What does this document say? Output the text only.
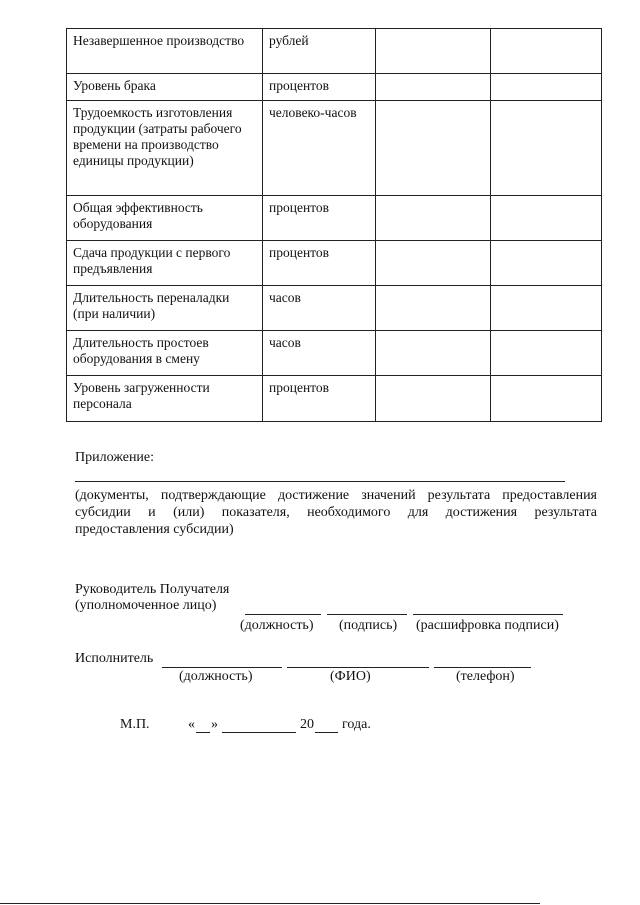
Незавершенное производство	рублей		
Уровень брака	процентов		
Трудоемкость изготовления продукции (затраты рабочего времени на производство единицы продукции)	человеко-часов		
Общая эффективность оборудования	процентов		
Сдача продукции с первого предъявления	процентов		
Длительность переналадки (при наличии)	часов		
Длительность простоев оборудования в смену	часов		
Уровень загруженности персонала	процентов		
Приложение:
(документы, подтверждающие достижение значений результата предоставления субсидии и (или) показателя, необходимого для достижения результата предоставления субсидии)
Руководитель Получателя
(уполномоченное лицо)
(должность) (подпись) (расшифровка подписи)
Исполнитель
(должность)	(ФИО)	(телефон)
М.П.	« »	20 года.
